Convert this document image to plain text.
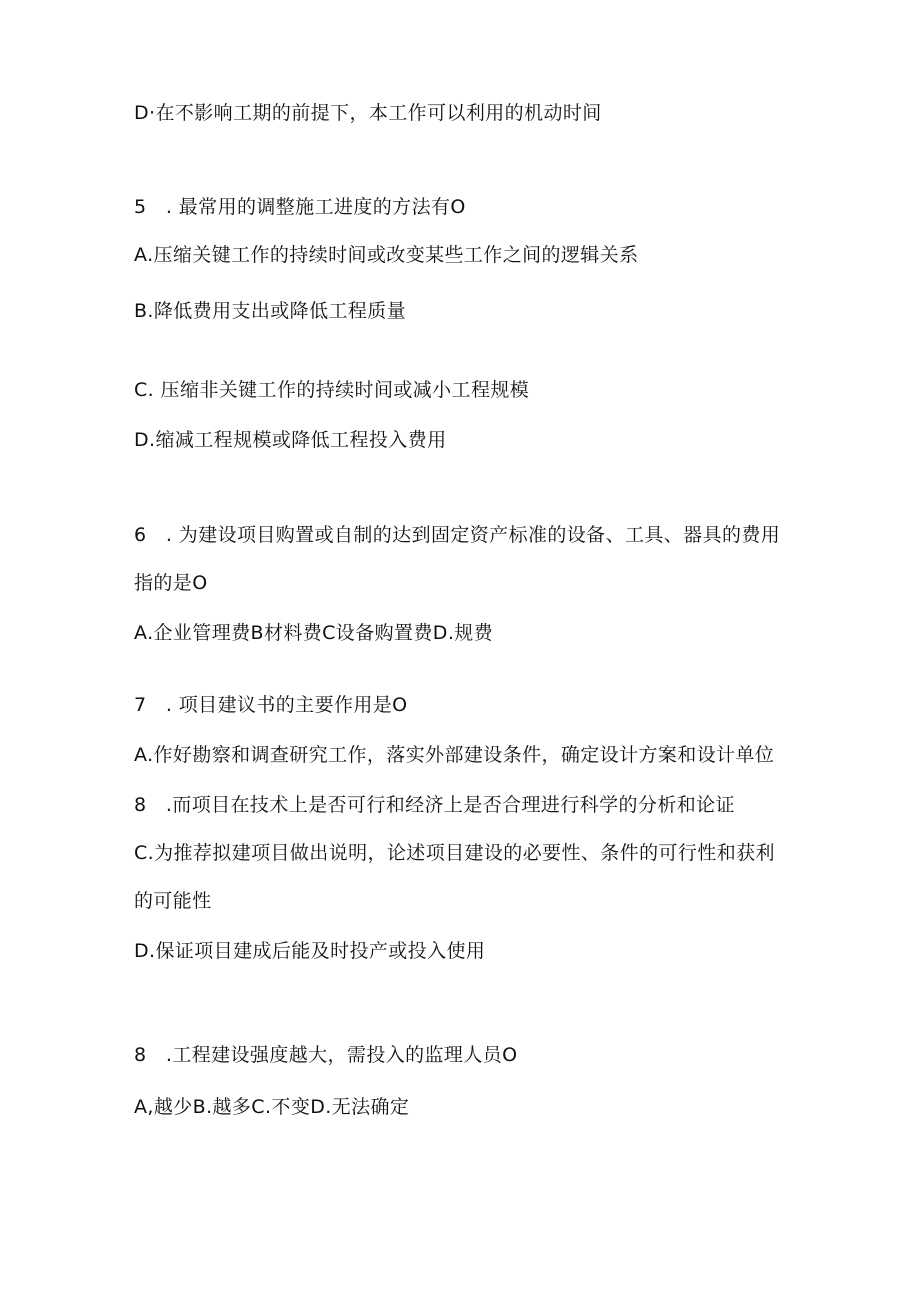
D·在不影响工期的前提下，本工作可以利用的机动时间
5　. 最常用的调整施工进度的方法有O
A.压缩关键工作的持续时间或改变某些工作之间的逻辑关系
B.降低费用支出或降低工程质量
C. 压缩非关键工作的持续时间或减小工程规模
D.缩减工程规模或降低工程投入费用
6　. 为建设项目购置或自制的达到固定资产标准的设备、工具、器具的费用
指的是O
A.企业管理费B材料费C设备购置费D.规费
7　. 项目建议书的主要作用是O
A.作好勘察和调查研究工作，落实外部建设条件，确定设计方案和设计单位
8　.而项目在技术上是否可行和经济上是否合理进行科学的分析和论证
C.为推荐拟建项目做出说明，论述项目建设的必要性、条件的可行性和获利
的可能性
D.保证项目建成后能及时投产或投入使用
8　.工程建设强度越大，需投入的监理人员O
A,越少B.越多C.不变D.无法确定
